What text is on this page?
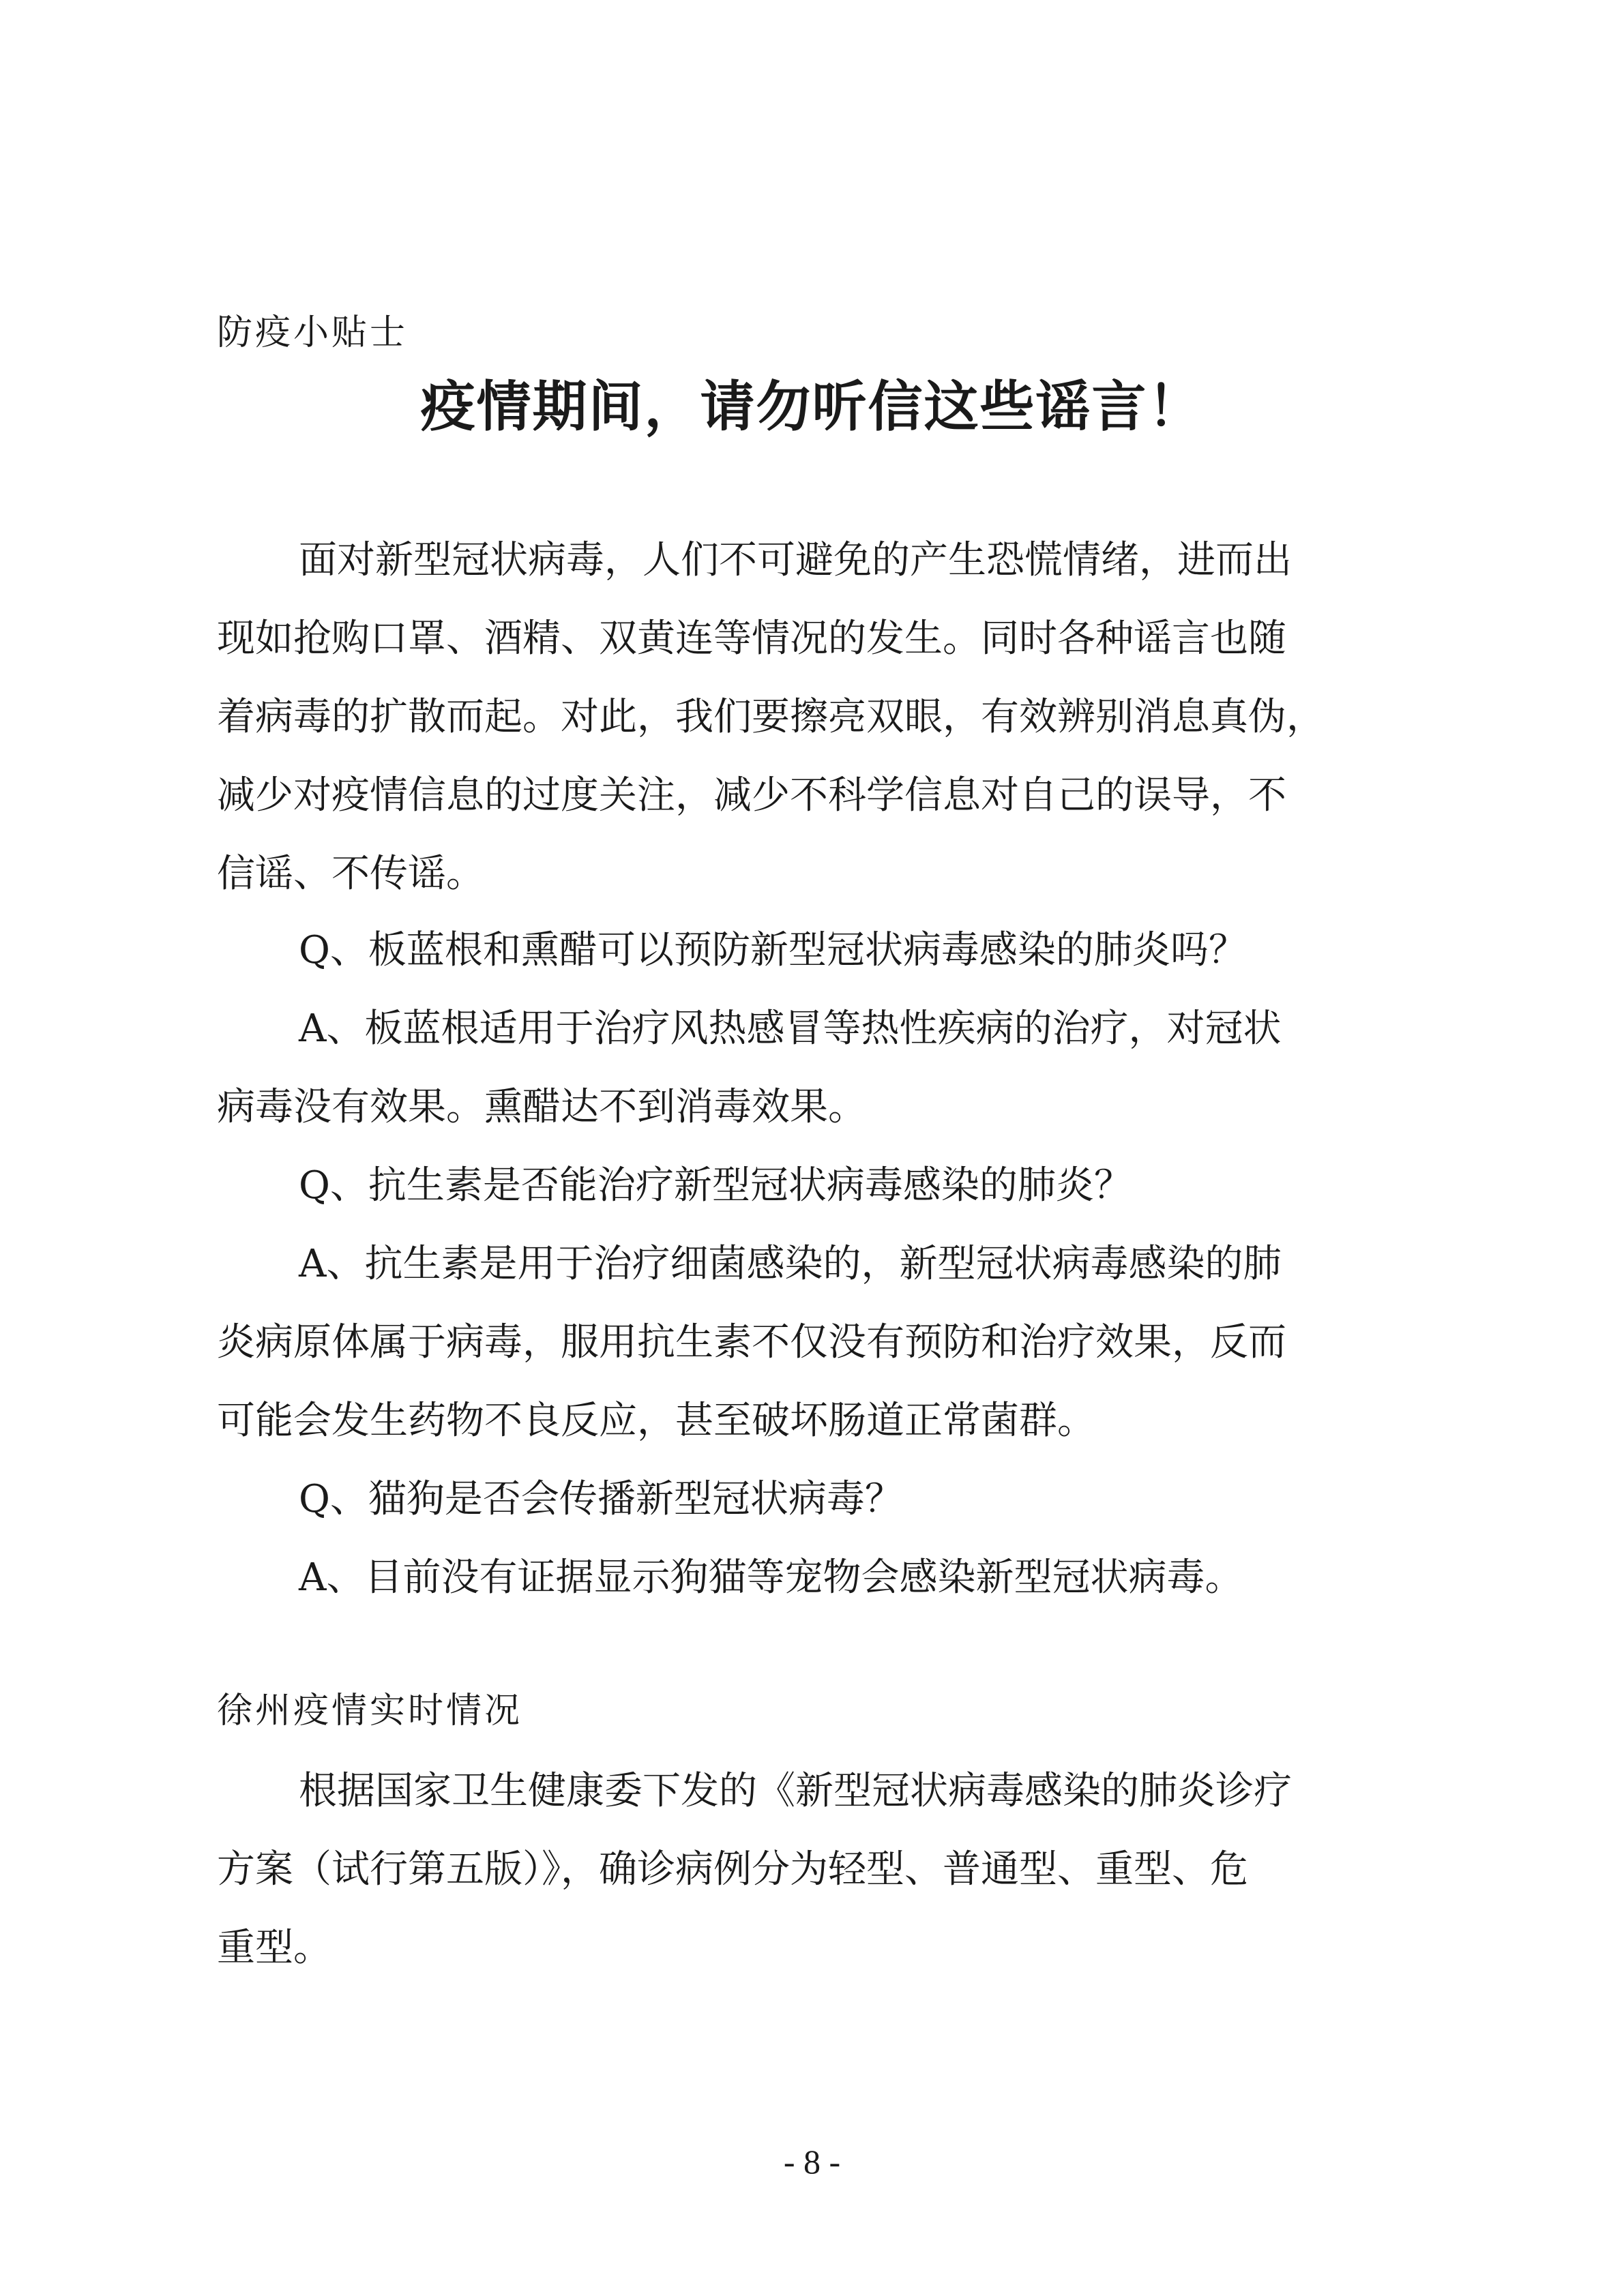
防疫小贴士
疫情期间，请勿听信这些谣言！
面对新型冠状病毒，人们不可避免的产生恐慌情绪，进而出
现如抢购口罩、酒精、双黄连等情况的发生。同时各种谣言也随
着病毒的扩散而起。对此，我们要擦亮双眼，有效辨别消息真伪，
减少对疫情信息的过度关注，减少不科学信息对自己的误导，不
信谣、不传谣。
Q、板蓝根和熏醋可以预防新型冠状病毒感染的肺炎吗？
A、板蓝根适用于治疗风热感冒等热性疾病的治疗，对冠状
病毒没有效果。熏醋达不到消毒效果。
Q、抗生素是否能治疗新型冠状病毒感染的肺炎？
A、抗生素是用于治疗细菌感染的，新型冠状病毒感染的肺
炎病原体属于病毒，服用抗生素不仅没有预防和治疗效果，反而
可能会发生药物不良反应，甚至破坏肠道正常菌群。
Q、猫狗是否会传播新型冠状病毒？
A、目前没有证据显示狗猫等宠物会感染新型冠状病毒。
徐州疫情实时情况
根据国家卫生健康委下发的《新型冠状病毒感染的肺炎诊疗
方案（试行第五版）》，确诊病例分为轻型、普通型、重型、危
重型。
- 8 -
